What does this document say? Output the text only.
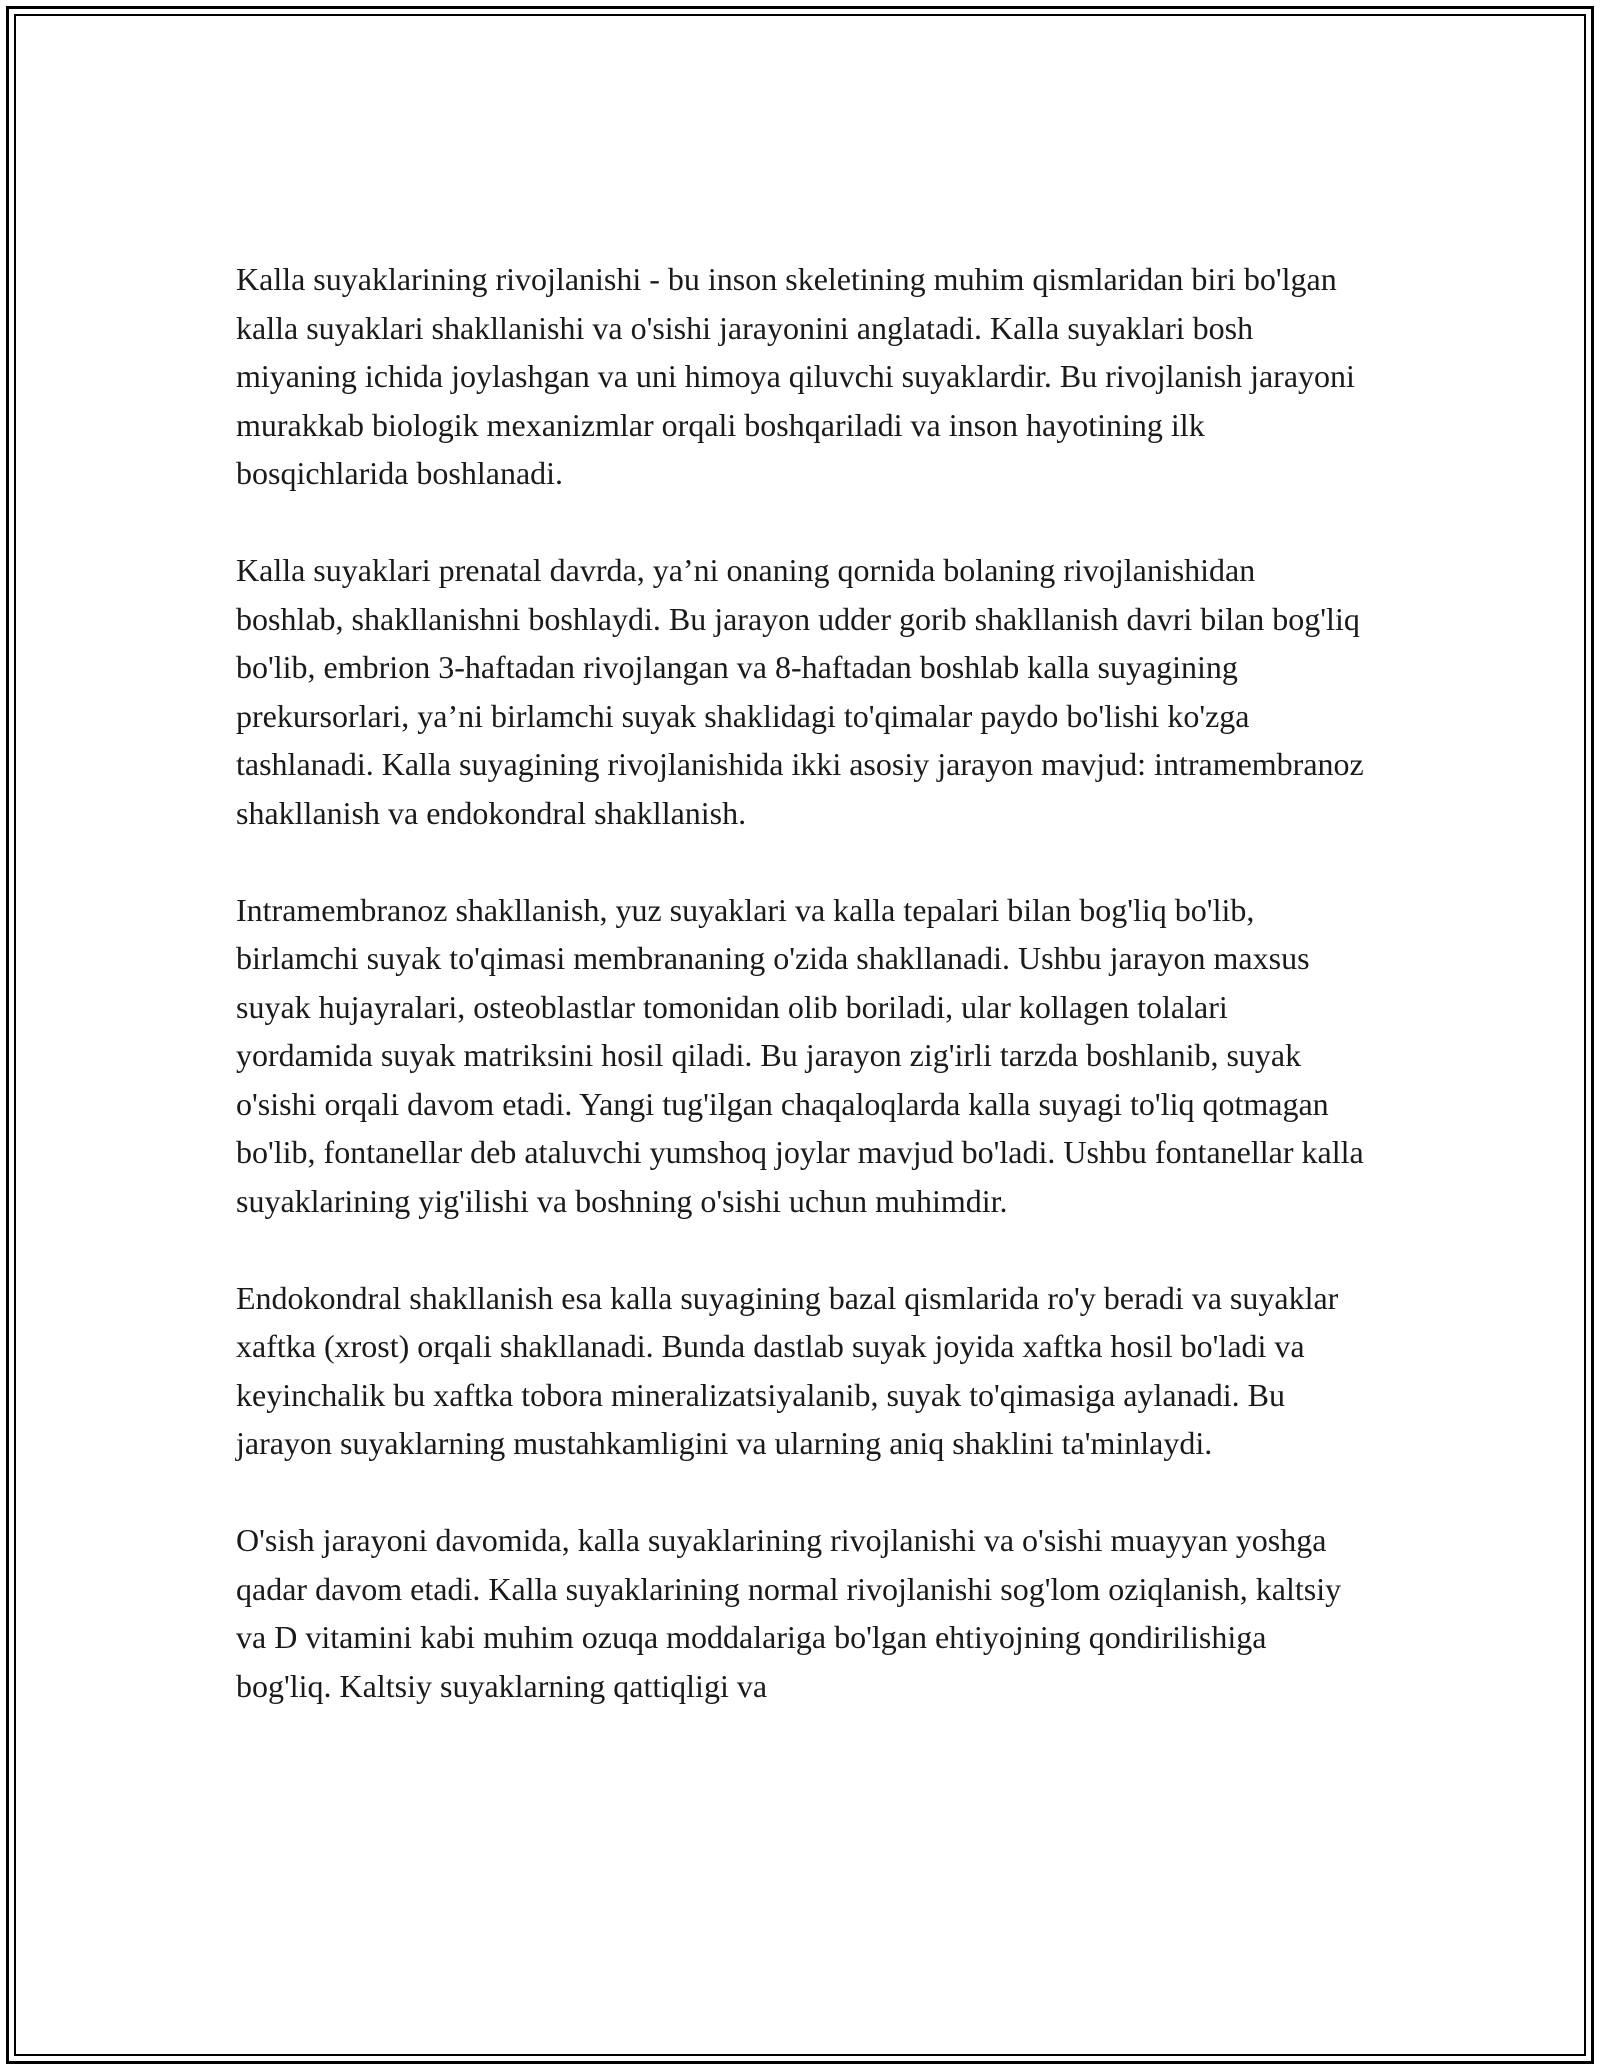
Kalla suyaklarining rivojlanishi - bu inson skeletining muhim qismlaridan biri bo'lgan kalla suyaklari shakllanishi va o'sishi jarayonini anglatadi. Kalla suyaklari bosh miyaning ichida joylashgan va uni himoya qiluvchi suyaklardir. Bu rivojlanish jarayoni murakkab biologik mexanizmlar orqali boshqariladi va inson hayotining ilk bosqichlarida boshlanadi.

Kalla suyaklari prenatal davrda, ya’ni onaning qornida bolaning rivojlanishidan boshlab, shakllanishni boshlaydi. Bu jarayon udder gorib shakllanish davri bilan bog'liq bo'lib, embrion 3-haftadan rivojlangan va 8-haftadan boshlab kalla suyagining prekursorlari, ya’ni birlamchi suyak shaklidagi to'qimalar paydo bo'lishi ko'zga tashlanadi. Kalla suyagining rivojlanishida ikki asosiy jarayon mavjud: intramembranoz shakllanish va endokondral shakllanish.

Intramembranoz shakllanish, yuz suyaklari va kalla tepalari bilan bog'liq bo'lib, birlamchi suyak to'qimasi membrananing o'zida shakllanadi. Ushbu jarayon maxsus suyak hujayralari, osteoblastlar tomonidan olib boriladi, ular kollagen tolalari yordamida suyak matriksini hosil qiladi. Bu jarayon zig'irli tarzda boshlanib, suyak o'sishi orqali davom etadi. Yangi tug'ilgan chaqaloqlarda kalla suyagi to'liq qotmagan bo'lib, fontanellar deb ataluvchi yumshoq joylar mavjud bo'ladi. Ushbu fontanellar kalla suyaklarining yig'ilishi va boshning o'sishi uchun muhimdir.

Endokondral shakllanish esa kalla suyagining bazal qismlarida ro'y beradi va suyaklar xaftka (xrost) orqali shakllanadi. Bunda dastlab suyak joyida xaftka hosil bo'ladi va keyinchalik bu xaftka tobora mineralizatsiyalanib, suyak to'qimasiga aylanadi. Bu jarayon suyaklarning mustahkamligini va ularning aniq shaklini ta'minlaydi.

O'sish jarayoni davomida, kalla suyaklarining rivojlanishi va o'sishi muayyan yoshga qadar davom etadi. Kalla suyaklarining normal rivojlanishi sog'lom oziqlanish, kaltsiy va D vitamini kabi muhim ozuqa moddalariga bo'lgan ehtiyojning qondirilishiga bog'liq. Kaltsiy suyaklarning qattiqligi va
